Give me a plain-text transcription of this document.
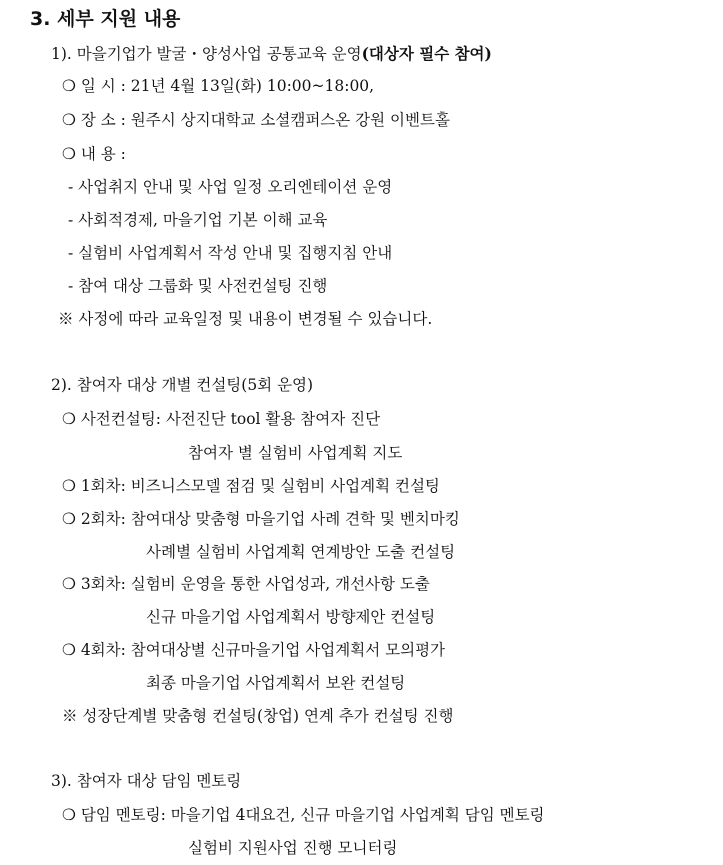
3. 세부 지원 내용
1). 마을기업가 발굴・양성사업 공통교육 운영(대상자 필수 참여)
❍ 일 시 : 21년 4월 13일(화) 10:00~18:00,
❍ 장 소 : 원주시 상지대학교 소셜캠퍼스온 강원 이벤트홀
❍ 내 용 :
- 사업취지 안내 및 사업 일정 오리엔테이션 운영
- 사회적경제, 마을기업 기본 이해 교육
- 실험비 사업계획서 작성 안내 및 집행지침 안내
- 참여 대상 그룹화 및 사전컨설팅 진행
※ 사정에 따라 교육일정 및 내용이 변경될 수 있습니다.
2). 참여자 대상 개별 컨설팅(5회 운영)
❍ 사전컨설팅: 사전진단 tool 활용 참여자 진단
참여자 별 실험비 사업계획 지도
❍ 1회차: 비즈니스모델 점검 및 실험비 사업계획 컨설팅
❍ 2회차: 참여대상 맞춤형 마을기업 사례 견학 및 벤치마킹
사례별 실험비 사업계획 연계방안 도출 컨설팅
❍ 3회차: 실험비 운영을 통한 사업성과, 개선사항 도출
신규 마을기업 사업계획서 방향제안 컨설팅
❍ 4회차: 참여대상별 신규마을기업 사업계획서 모의평가
최종 마을기업 사업계획서 보완 컨설팅
※ 성장단계별 맞춤형 컨설팅(창업) 연계 추가 컨설팅 진행
3). 참여자 대상 담임 멘토링
❍ 담임 멘토링: 마을기업 4대요건, 신규 마을기업 사업계획 담임 멘토링
실험비 지원사업 진행 모니터링
